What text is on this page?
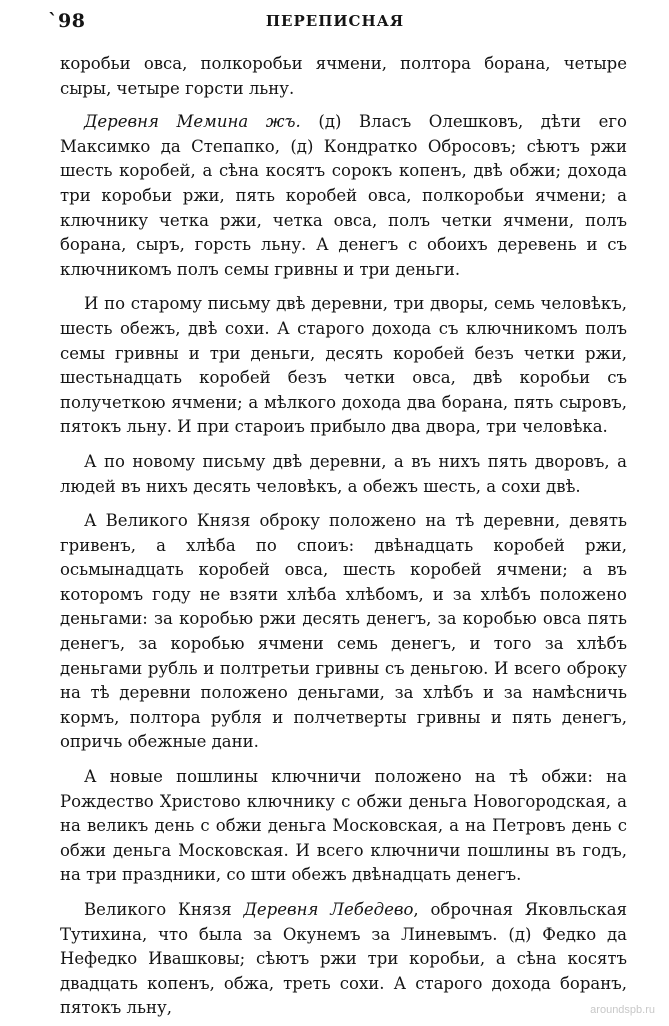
`98	ПЕРЕПИСНАЯ

коробьи овса, полкоробьи ячмени, полтора борана, четыре сыры, четыре горсти льну.

Деревня Мемина жъ. (д) Власъ Олешковъ, дѣти его Максимко да Степапко, (д) Кондратко Обросовъ; сѣютъ ржи шесть коробей, а сѣна косятъ сорокъ копенъ, двѣ обжи; дохода три коробьи ржи, пять коробей овса, полкоробьи ячмени; а ключнику четка ржи, четка овса, полъ четки ячмени, полъ борана, сыръ, горсть льну. А денегъ с обоихъ деревень и съ ключникомъ полъ семы гривны и три деньги.

И по старому письму двѣ деревни, три дворы, семь человѣкъ, шесть обежъ, двѣ сохи. А старого дохода съ ключникомъ полъ семы гривны и три деньги, десять коробей безъ четки ржи, шестьнадцать коробей безъ четки овса, двѣ коробьи съ получеткою ячмени; а мѣлкого дохода два борана, пять сыровъ, пятокъ льну. И при староиъ прибыло два двора, три человѣка.

А по новому письму двѣ деревни, а въ нихъ пять дворовъ, а людей въ нихъ десять человѣкъ, а обежъ шесть, а сохи двѣ.

А Великого Князя оброку положено на тѣ деревни, девять гривенъ, а хлѣба по споиъ: двѣнадцать коробей ржи, осьмынадцать коробей овса, шесть коробей ячмени; а въ которомъ году не взяти хлѣба хлѣбомъ, и за хлѣбъ положено деньгами: за коробью ржи десять денегъ, за коробью овса пять денегъ, за коробью ячмени семь денегъ, и того за хлѣбъ деньгами рубль и полтретьи гривны съ деньгою. И всего оброку на тѣ деревни положено деньгами, за хлѣбъ и за намѣсничь кормъ, полтора рубля и полчетверты гривны и пять денегъ, опричь обежные дани.

А новые пошлины ключничи положено на тѣ обжи: на Рождество Христово ключнику с обжи деньга Новогородская, а на великъ день с обжи деньга Московская, а на Петровъ день с обжи деньга Московская. И всего ключничи пошлины въ годъ, на три праздники, со шти обежъ двѣнадцать денегъ.

Великого Князя Деревня Лебедево, оброчная Яковльская Тутихина, что была за Окунемъ за Линевымъ. (д) Федко да Нефедко Ивашковы; сѣютъ ржи три коробьи, а сѣна косятъ двадцать копенъ, обжа, треть сохи. А старого дохода боранъ, пятокъ льну,	aroundspb.ru
